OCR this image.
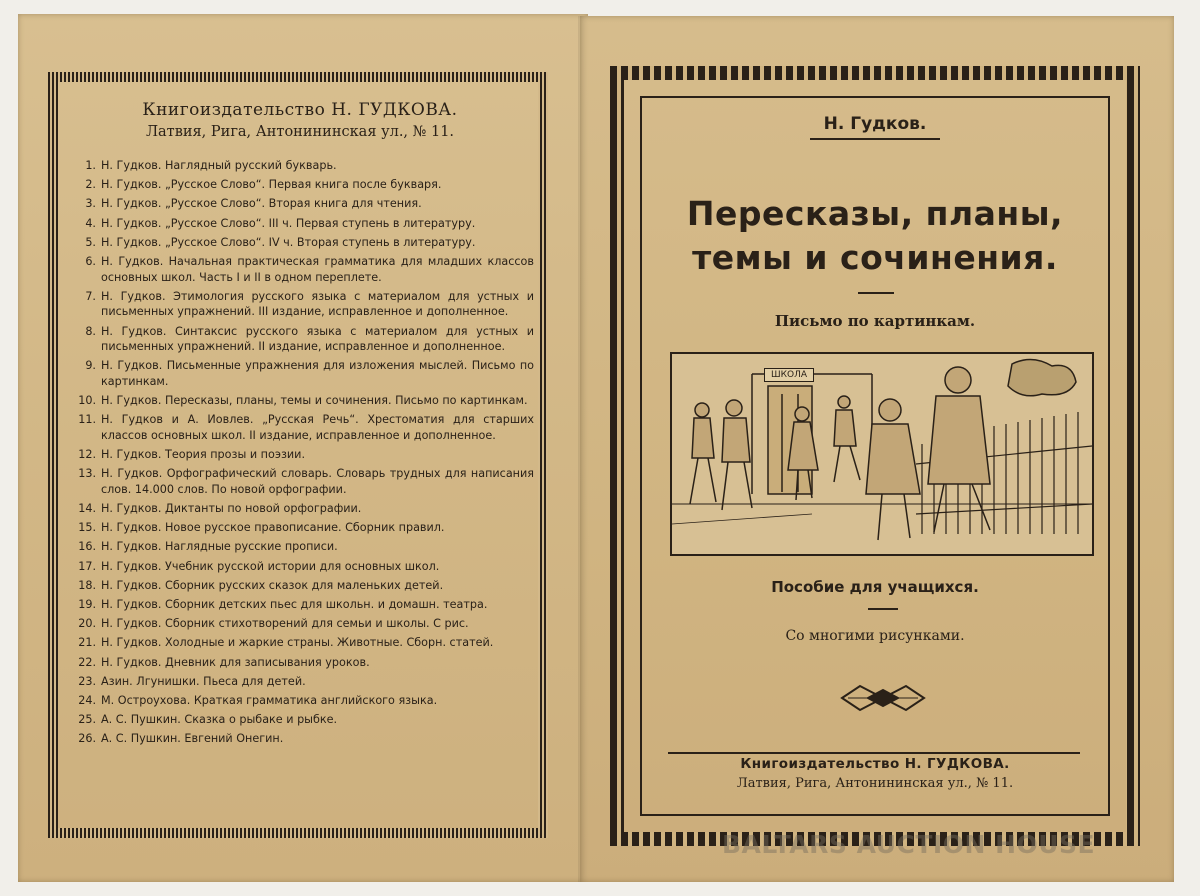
Книгоиздательство Н. ГУДКОВА.
Латвия, Рига, Антонининская ул., № 11.
1. Н. Гудков. Наглядный русский букварь.
2. Н. Гудков. „Русское Слово“. Первая книга после букваря.
3. Н. Гудков. „Русское Слово“. Вторая книга для чтения.
4. Н. Гудков. „Русское Слово“. III ч. Первая ступень в литературу.
5. Н. Гудков. „Русское Слово“. IV ч. Вторая ступень в литературу.
6. Н. Гудков. Начальная практическая грамматика для младших классов основных школ. Часть I и II в одном переплете.
7. Н. Гудков. Этимология русского языка с материалом для устных и письменных упражнений. III издание, исправленное и дополненное.
8. Н. Гудков. Синтаксис русского языка с материалом для устных и письменных упражнений. II издание, исправленное и дополненное.
9. Н. Гудков. Письменные упражнения для изложения мыслей. Письмо по картинкам.
10. Н. Гудков. Пересказы, планы, темы и сочинения. Письмо по картинкам.
11. Н. Гудков и А. Иовлев. „Русская Речь“. Хрестоматия для старших классов основных школ. II издание, исправленное и дополненное.
12. Н. Гудков. Теория прозы и поэзии.
13. Н. Гудков. Орфографический словарь. Словарь трудных для написания слов. 14.000 слов. По новой орфографии.
14. Н. Гудков. Диктанты по новой орфографии.
15. Н. Гудков. Новое русское правописание. Сборник правил.
16. Н. Гудков. Наглядные русские прописи.
17. Н. Гудков. Учебник русской истории для основных школ.
18. Н. Гудков. Сборник русских сказок для маленьких детей.
19. Н. Гудков. Сборник детских пьес для школьн. и домашн. театра.
20. Н. Гудков. Сборник стихотворений для семьи и школы. С рис.
21. Н. Гудков. Холодные и жаркие страны. Животные. Сборн. статей.
22. Н. Гудков. Дневник для записывания уроков.
23. Азин. Лгунишки. Пьеса для детей.
24. М. Остроухова. Краткая грамматика английского языка.
25. А. С. Пушкин. Сказка о рыбаке и рыбке.
26. А. С. Пушкин. Евгений Онегин.
Н. Гудков.
Пересказы, планы,
темы и сочинения.
Письмо по картинкам.
ШКОЛА
Пособие для учащихся.
Со многими рисунками.
Книгоиздательство Н. ГУДКОВА.
Латвия, Рига, Антонининская ул., № 11.
BALTARS AUCTION HOUSE
